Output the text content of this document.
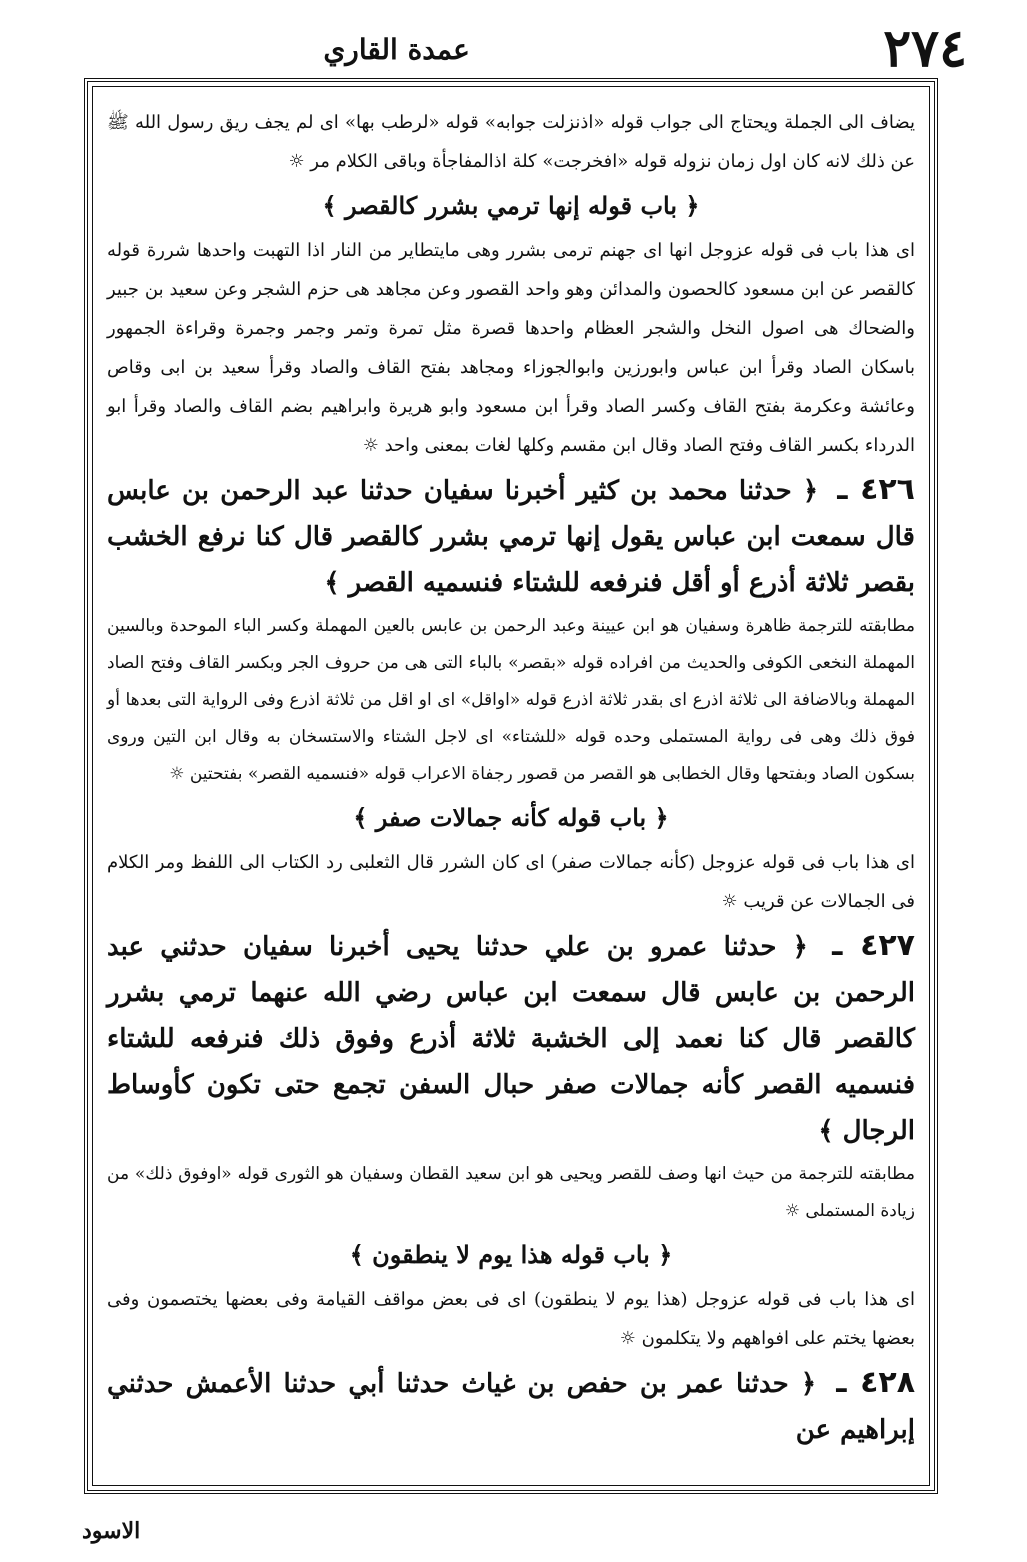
٢٧٤
عمدة القاري

يضاف الى الجملة ويحتاج الى جواب قوله «اذنزلت جوابه» قوله «لرطب بها» اى لم يجف ريق رسول الله ﷺ عن ذلك لانه كان اول زمان نزوله قوله «افخرجت» كلة اذالمفاجأة وباقى الكلام مر ☼

﴿ باب قوله إنها ترمي بشرر كالقصر ﴾

اى هذا باب فى قوله عزوجل انها اى جهنم ترمى بشرر وهى مايتطاير من النار اذا التهبت واحدها شررة قوله كالقصر عن ابن مسعود كالحصون والمدائن وهو واحد القصور وعن مجاهد هى حزم الشجر وعن سعيد بن جبير والضحاك هى اصول النخل والشجر العظام واحدها قصرة مثل تمرة وتمر وجمر وجمرة وقراءة الجمهور باسكان الصاد وقرأ ابن عباس وابورزين وابوالجوزاء ومجاهد بفتح القاف والصاد وقرأ سعيد بن ابى وقاص وعائشة وعكرمة بفتح القاف وكسر الصاد وقرأ ابن مسعود وابو هريرة وابراهيم بضم القاف والصاد وقرأ ابو الدرداء بكسر القاف وفتح الصاد وقال ابن مقسم وكلها لغات بمعنى واحد ☼

٤٢٦ ـ ﴿ حدثنا محمد بن كثير أخبرنا سفيان حدثنا عبد الرحمن بن عابس قال سمعت ابن عباس يقول إنها ترمي بشرر كالقصر قال كنا نرفع الخشب بقصر ثلاثة أذرع أو أقل فنرفعه للشتاء فنسميه القصر ﴾

مطابقته للترجمة ظاهرة وسفيان هو ابن عيينة وعبد الرحمن بن عابس بالعين المهملة وكسر الباء الموحدة وبالسين المهملة النخعى الكوفى والحديث من افراده قوله «بقصر» بالباء التى هى من حروف الجر وبكسر القاف وفتح الصاد المهملة وبالاضافة الى ثلاثة اذرع اى بقدر ثلاثة اذرع قوله «اواقل» اى او اقل من ثلاثة اذرع وفى الرواية التى بعدها أو فوق ذلك وهى فى رواية المستملى وحده قوله «للشتاء» اى لاجل الشتاء والاستسخان به وقال ابن التين وروى بسكون الصاد وبفتحها وقال الخطابى هو القصر من قصور رجفاة الاعراب قوله «فنسميه القصر» بفتحتين ☼

﴿ باب قوله كأنه جمالات صفر ﴾

اى هذا باب فى قوله عزوجل (كأنه جمالات صفر) اى كان الشرر قال الثعلبى رد الكتاب الى اللفظ ومر الكلام فى الجمالات عن قريب ☼

٤٢٧ ـ ﴿ حدثنا عمرو بن علي حدثنا يحيى أخبرنا سفيان حدثني عبد الرحمن بن عابس قال سمعت ابن عباس رضي الله عنهما ترمي بشرر كالقصر قال كنا نعمد إلى الخشبة ثلاثة أذرع وفوق ذلك فنرفعه للشتاء فنسميه القصر كأنه جمالات صفر حبال السفن تجمع حتى تكون كأوساط الرجال ﴾

مطابقته للترجمة من حيث انها وصف للقصر ويحيى هو ابن سعيد القطان وسفيان هو الثورى قوله «اوفوق ذلك» من زيادة المستملى ☼

﴿ باب قوله هذا يوم لا ينطقون ﴾

اى هذا باب فى قوله عزوجل (هذا يوم لا ينطقون) اى فى بعض مواقف القيامة وفى بعضها يختصمون وفى بعضها يختم على افواههم ولا يتكلمون ☼

٤٢٨ ـ ﴿ حدثنا عمر بن حفص بن غياث حدثنا أبي حدثنا الأعمش حدثني إبراهيم عن
الاسود
